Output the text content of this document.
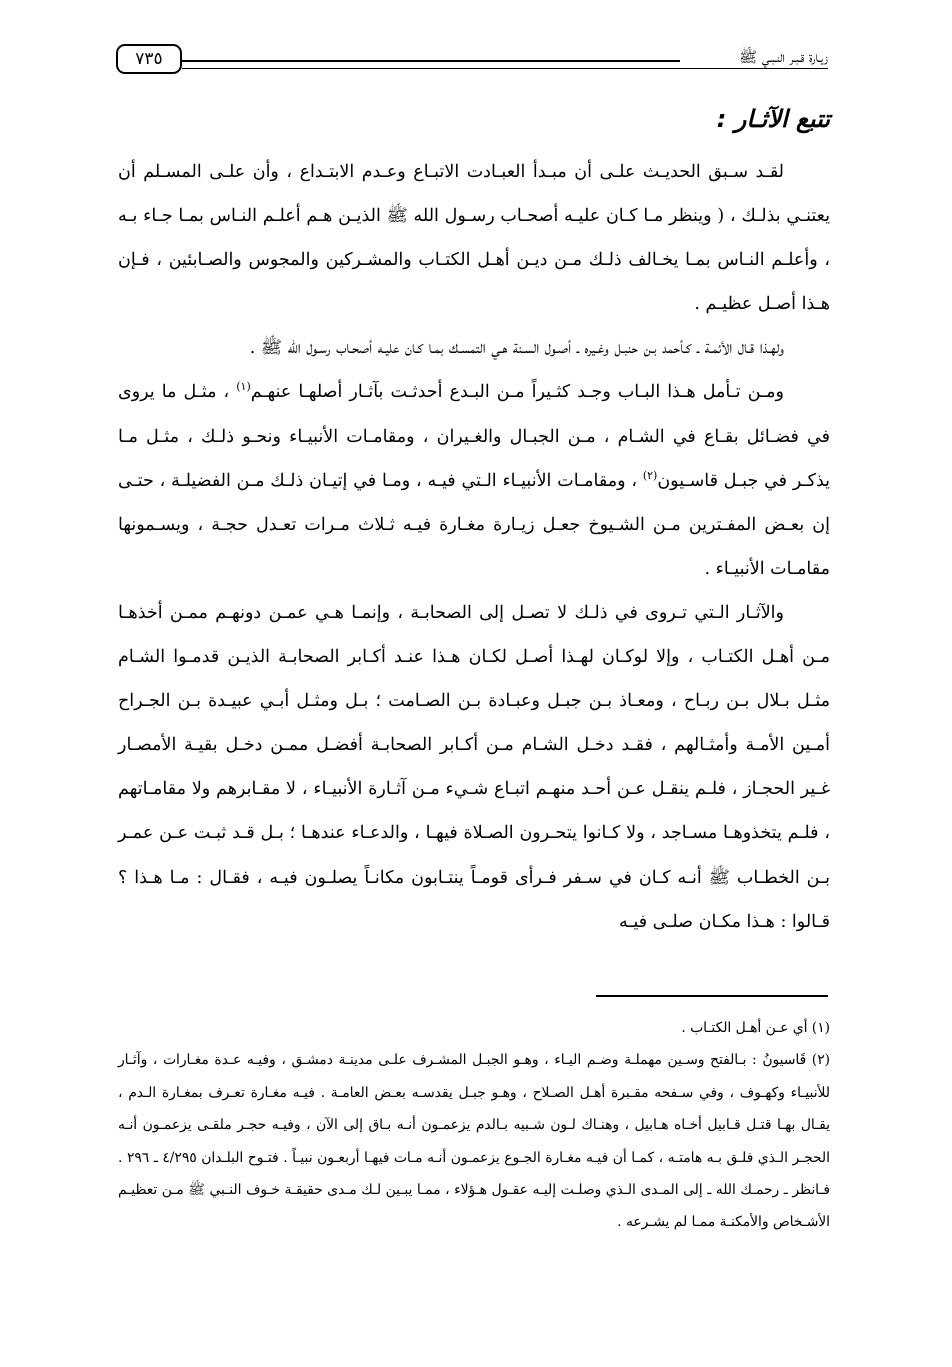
زيـارة قـبـر النـبـي ﷺ
٧٣٥
تتبع الآثـار :

لقـد سـبق الحديـث علـى أن مبـدأ العبـادت الاتبـاع وعـدم الابتـداع ، وأن علـى المسـلم أن يعتنـي بذلـك ، ( وينظر مـا كـان عليـه أصحـاب رسـول الله ﷺ الذيـن هـم أعلـم النـاس بمـا جـاء بـه ، وأعلـم النـاس بمـا يخـالف ذلـك مـن ديـن أهـل الكتـاب والمشـركين والمجوس والصـابئين ، فـإن هـذا أصـل عظيـم .

ولهـذا قـال الأئمـة ـ كـأحمد بـن حنبـل وغـيره ـ أصـول السـنة هـي التمسـك بمـا كـان عليـه أصحـاب رسـول الله ﷺ .

ومـن تـأمل هـذا البـاب وجـد كثـيراً مـن البـدع أحدثـت بآثـار أصلهـا عنهـم$^{(١)}$ ، مثـل ما يروى في فضـائل بقـاع في الشـام ، مـن الجبـال والغـيران ، ومقامـات الأنبيـاء ونحـو ذلـك ، مثـل مـا يذكـر في جبـل قاسـيون$^{(٢)}$ ، ومقامـات الأنبيـاء الـتي فيـه ، ومـا في إتيـان ذلـك مـن الفضيلـة ، حتـى إن بعـض المفـترين مـن الشـيوخ جعـل زيـارة مغـارة فيـه ثـلاث مـرات تعـدل حجـة ، ويسـمونها مقامـات الأنبيـاء .

والآثـار الـتي تـروى في ذلـك لا تصـل إلى الصحابـة ، وإنمـا هـي عمـن دونهـم ممـن أخذهـا مـن أهـل الكتـاب ، وإلا لوكـان لهـذا أصـل لكـان هـذا عنـد أكـابر الصحابـة الذيـن قدمـوا الشـام مثـل بـلال بـن ربـاح ، ومعـاذ بـن جبـل وعبـادة بـن الصـامت ؛ بـل ومثـل أبـي عبيـدة بـن الجـراح أمـين الأمـة وأمثـالهم ، فقـد دخـل الشـام مـن أكـابر الصحابـة أفضـل ممـن دخـل بقيـة الأمصـار غـير الحجـاز ، فلـم ينقـل عـن أحـد منهـم اتبـاع شـيء مـن آثـارة الأنبيـاء ، لا مقـابرهم ولا مقامـاتهم ، فلـم يتخذوهـا مسـاجد ، ولا كـانوا يتحـرون الصـلاة فيهـا ، والدعـاء عندهـا ؛ بـل قـد ثبـت عـن عمـر بـن الخطـاب ﷺ أنـه كـان في سـفر فـرأى قومـاً ينتـابون مكانـاً يصلـون فيـه ، فقـال : مـا هـذا ؟ قـالوا : هـذا مكـان صلـى فيـه

(١) أي عـن أهـل الكتـاب .

(٢) قَاسيونُ : بـالفتح وسـين مهملـة وضـم اليـاء ، وهـو الجبـل المشـرف علـى مدينـة دمشـق ، وفيـه عـدة مغـارات ، وآثـار للأنبيـاء وكهـوف ، وفي سـفحه مقـبرة أهـل الصـلاح ، وهـو جبـل يقدسـه بعـض العامـة . فيـه مغـارة تعـرف بمغـارة الـدم ، يقـال بهـا قتـل قـابيل أخـاه هـابيل ، وهنـاك لـون شـبيه بـالدم يزعمـون أنـه بـاق إلى الآن ، وفيـه حجـر ملقـى يزعمـون أنـه الحجـر الـذي فلـق بـه هامتـه ، كمـا أن فيـه مغـارة الجـوع يزعمـون أنـه مـات فيهـا أربعـون نبيـاً . فتـوح البلـدان ٤/٢٩٥ ـ ٢٩٦ . فـانظر ـ رحمـك الله ـ إلى المـدى الـذي وصلـت إليـه عقـول هـؤلاء ، ممـا يبـين لـك مـدى حقيقـة خـوف النـبي ﷺ مـن تعظيـم الأشـخاص والأمكنـة ممـا لم يشـرعه .
